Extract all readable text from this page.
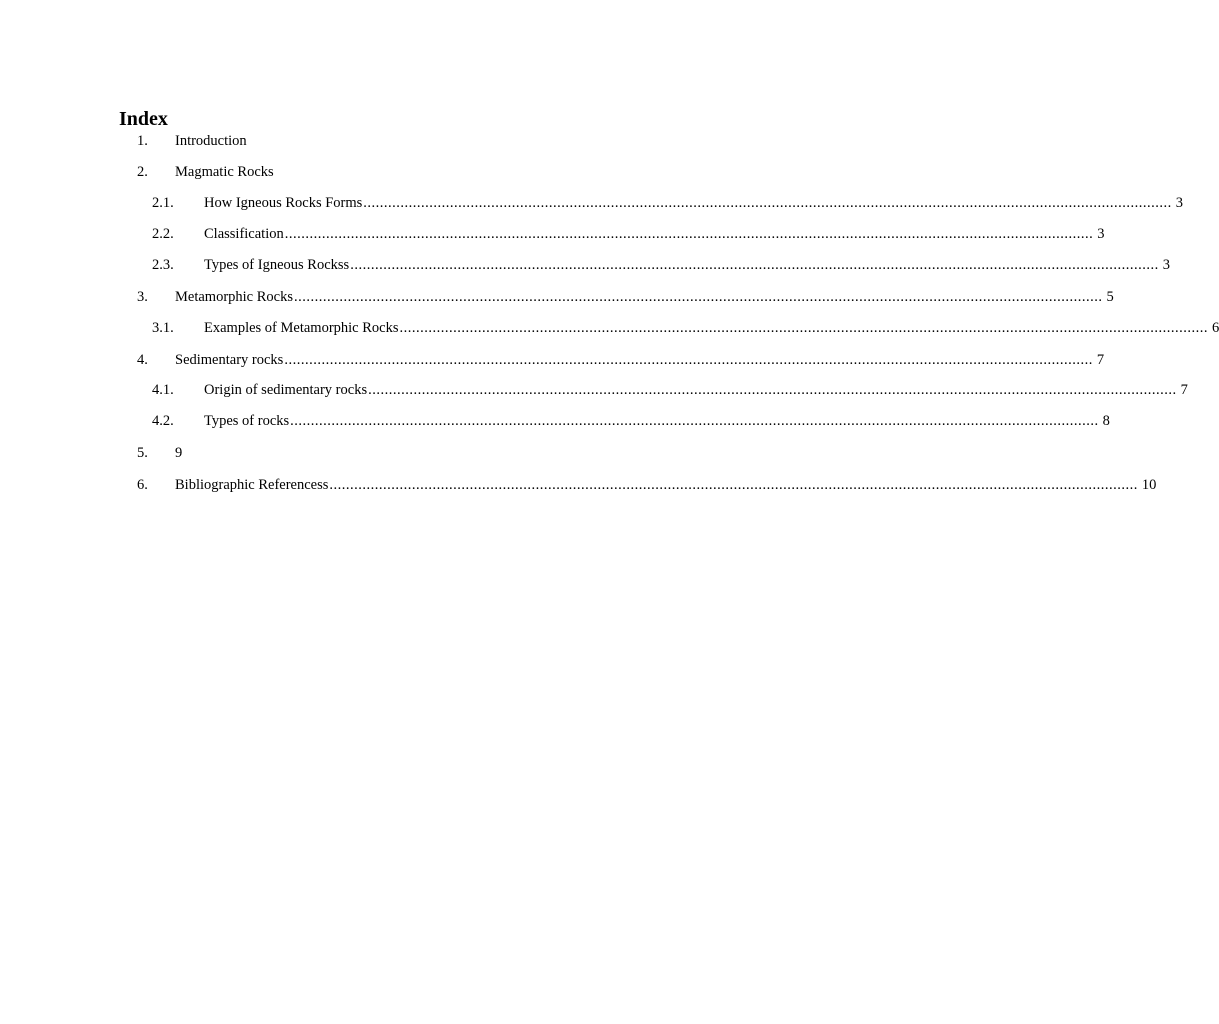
Index
1. Introduction
2. Magmatic Rocks
2.1. How Igneous Rocks Forms .................................................................................................................................................................................................... 3
2.2. Classification .................................................................................................................................................................................................... 3
2.3. Types of Igneous Rockss .................................................................................................................................................................................................... 3
3. Metamorphic Rocks .................................................................................................................................................................................................... 5
3.1. Examples of Metamorphic Rocks .................................................................................................................................................................................................... 6
4. Sedimentary rocks .................................................................................................................................................................................................... 7
4.1. Origin of sedimentary rocks .................................................................................................................................................................................................... 7
4.2. Types of rocks .................................................................................................................................................................................................... 8
5. 9
6. Bibliographic Referencess .................................................................................................................................................................................................... 10
